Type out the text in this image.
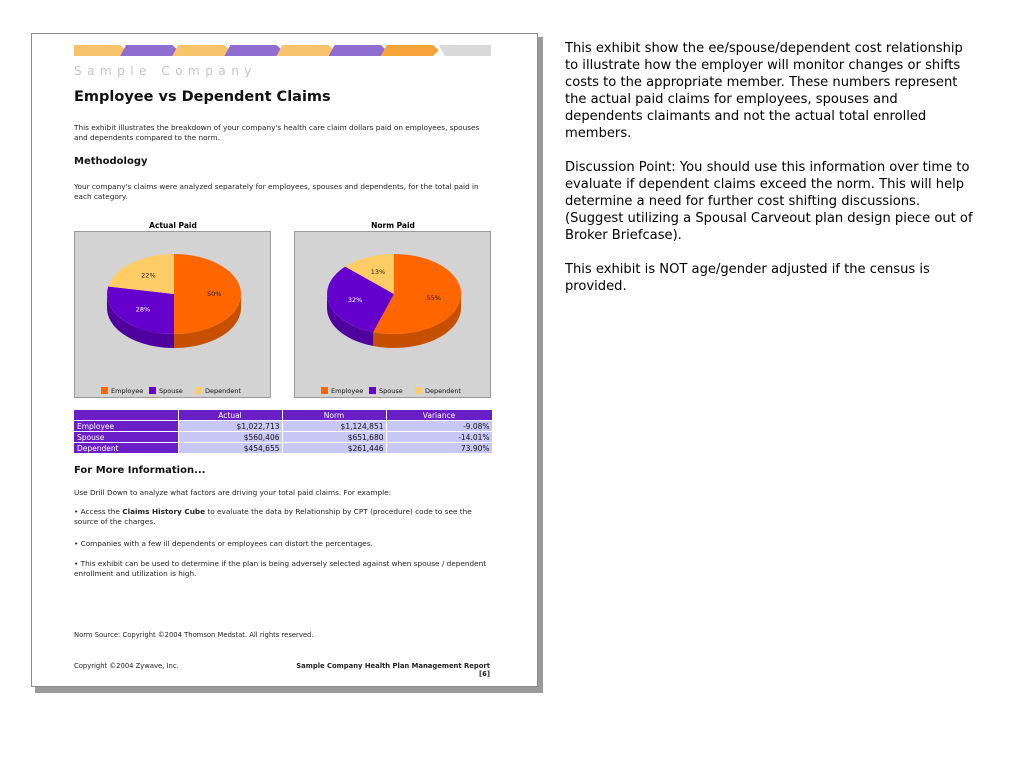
Sample Company
Employee vs Dependent Claims
This exhibit illustrates the breakdown of your company's health care claim dollars paid on employees, spouses and dependents compared to the norm.
Methodology
Your company's claims were analyzed separately for employees, spouses and dependents, for the total paid in each category.
Actual Paid
50%
28%
22%
Employee Spouse	Dependent
Norm Paid
55%
32%
13%
Employee Spouse	Dependent
	Actual	Norm	Variance
Employee	$1,022,713	$1,124,851	-9.08%
Spouse	$560,406	$651,680	-14.01%
Dependent	$454,655	$261,446	73.90%
For More Information...
Use Drill Down to analyze what factors are driving your total paid claims. For example:
• Access the Claims History Cube to evaluate the data by Relationship by CPT (procedure) code to see the source of the charges.
• Companies with a few ill dependents or employees can distort the percentages.
• This exhibit can be used to determine if the plan is being adversely selected against when spouse / dependent enrollment and utilization is high.
Norm Source: Copyright ©2004 Thomson Medstat. All rights reserved.
Copyright ©2004 Zywave, Inc.	Sample Company Health Plan Management Report [6]

This exhibit show the ee/spouse/dependent cost relationship to illustrate how the employer will monitor changes or shifts costs to the appropriate member. These numbers represent the actual paid claims for employees, spouses and dependents claimants and not the actual total enrolled members.

Discussion Point: You should use this information over time to evaluate if dependent claims exceed the norm. This will help determine a need for further cost shifting discussions. (Suggest utilizing a Spousal Carveout plan design piece out of Broker Briefcase).

This exhibit is NOT age/gender adjusted if the census is provided.
